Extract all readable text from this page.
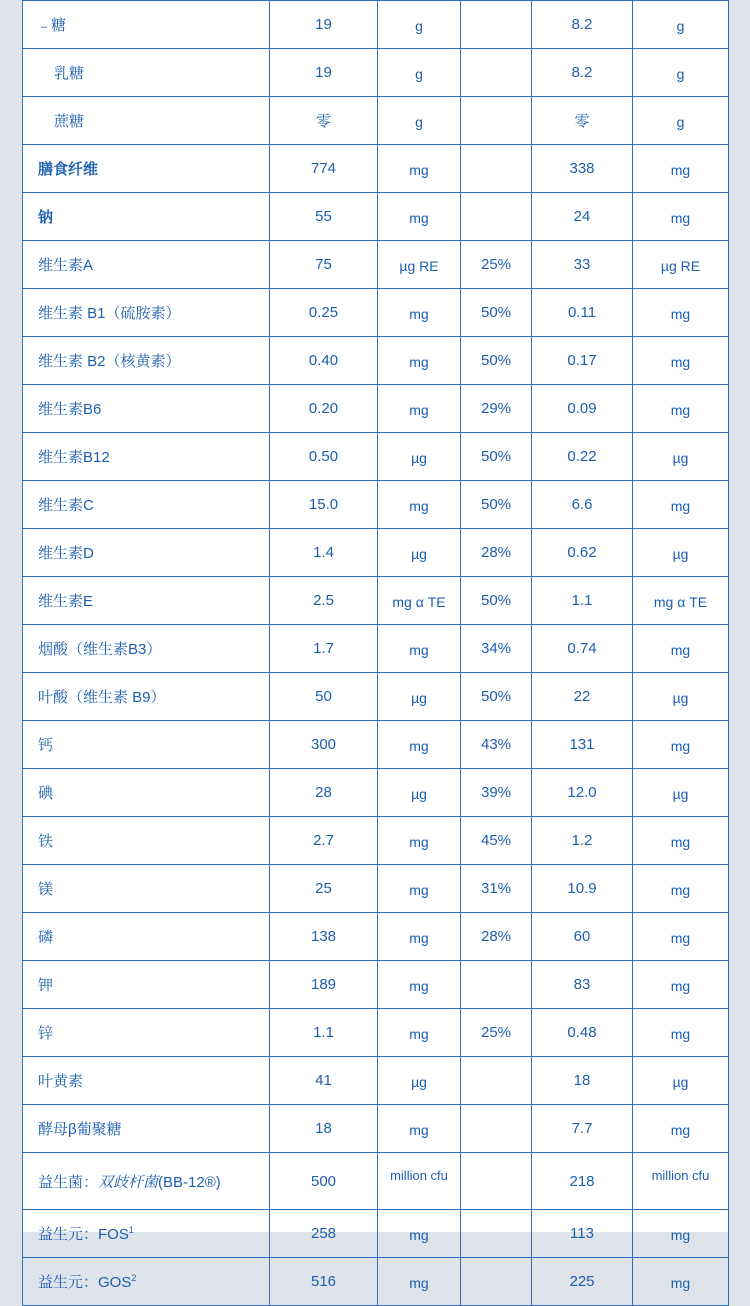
– 糖	19	g		8.2	g
乳糖	19	g		8.2	g
蔗糖	零	g		零	g
膳食纤维	774	mg		338	mg
钠	55	mg		24	mg
维生素A	75	µg RE	25%	33	µg RE
维生素 B1（硫胺素）	0.25	mg	50%	0.11	mg
维生素 B2（核黄素）	0.40	mg	50%	0.17	mg
维生素B6	0.20	mg	29%	0.09	mg
维生素B12	0.50	µg	50%	0.22	µg
维生素C	15.0	mg	50%	6.6	mg
维生素D	1.4	µg	28%	0.62	µg
维生素E	2.5	mg α TE	50%	1.1	mg α TE
烟酸（维生素B3）	1.7	mg	34%	0.74	mg
叶酸（维生素 B9）	50	µg	50%	22	µg
钙	300	mg	43%	131	mg
碘	28	µg	39%	12.0	µg
铁	2.7	mg	45%	1.2	mg
镁	25	mg	31%	10.9	mg
磷	138	mg	28%	60	mg
钾	189	mg		83	mg
锌	1.1	mg	25%	0.48	mg
叶黄素	41	µg		18	µg
酵母β葡聚糖	18	mg		7.7	mg
益生菌：双歧杆菌(BB-12®)	500	million cfu		218	million cfu
益生元：FOS$^1$	258	mg		113	mg
益生元：GOS$^2$	516	mg		225	mg
